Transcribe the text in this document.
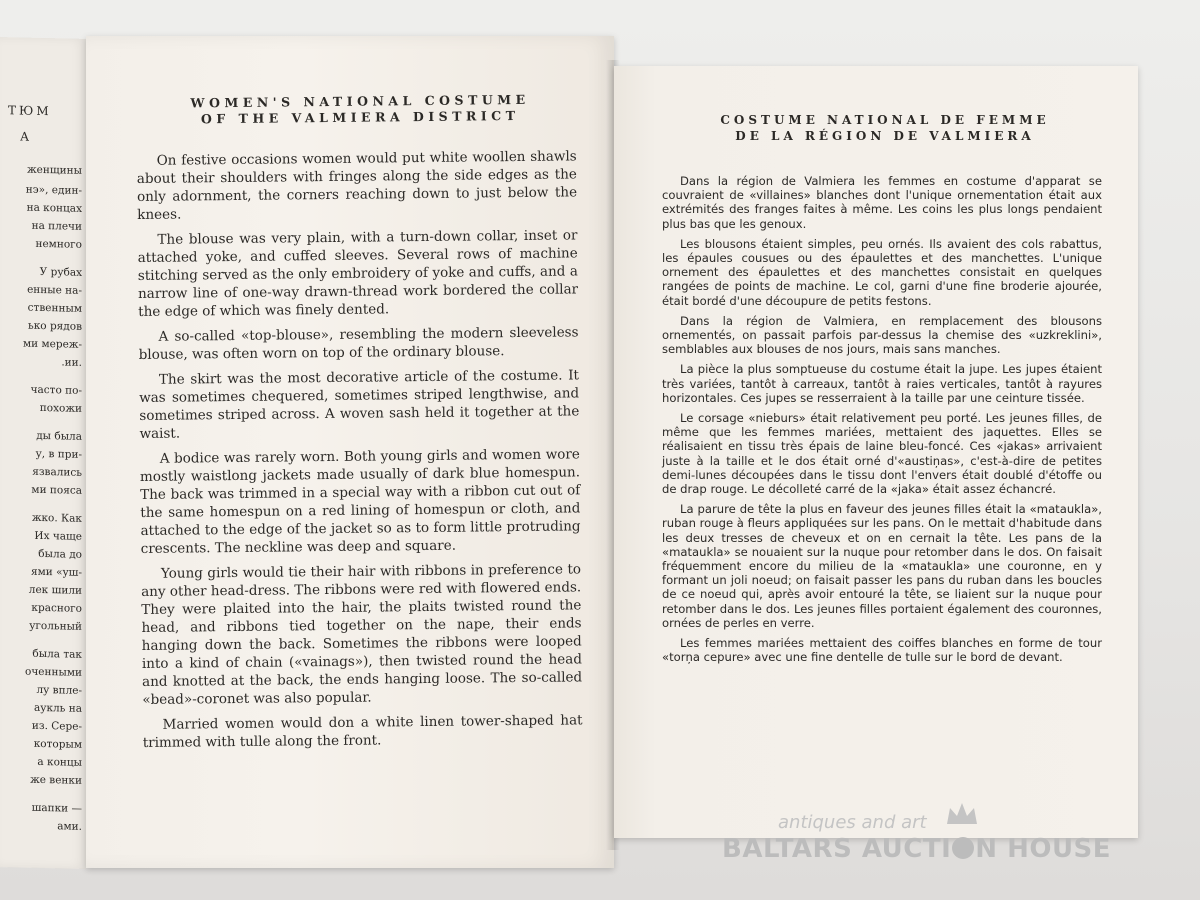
ТЮМ
А
женщины
нэ», един-
на концах
на плечи
немного
У рубах
енные на-
ственным
ько рядов
ми мереж-
.ии.
часто по-
похожи
ды была
у, в при-
язвались
ми пояса
жко. Как
Их чаще
была до
ями «уш-
лек шили
красного
угольный
была так
оченными
лу впле-
аукль на
из. Сере-
которым
а концы
же венки
шапки —
ами.
WOMEN'S NATIONAL COSTUME
OF THE VALMIERA DISTRICT

On festive occasions women would put white woollen shawls about their shoulders with fringes along the side edges as the only adornment, the corners reaching down to just below the knees.

The blouse was very plain, with a turn-down collar, inset or attached yoke, and cuffed sleeves. Several rows of machine stitching served as the only embroidery of yoke and cuffs, and a narrow line of one-way drawn-thread work bordered the collar the edge of which was finely dented.

A so-called «top-blouse», resembling the modern sleeveless blouse, was often worn on top of the ordinary blouse.

The skirt was the most decorative article of the costume. It was sometimes chequered, sometimes striped lengthwise, and sometimes striped across. A woven sash held it together at the waist.

A bodice was rarely worn. Both young girls and women wore mostly waistlong jackets made usually of dark blue homespun. The back was trimmed in a special way with a ribbon cut out of the same homespun on a red lining of homespun or cloth, and attached to the edge of the jacket so as to form little protruding crescents. The neckline was deep and square.

Young girls would tie their hair with ribbons in preference to any other head-dress. The ribbons were red with flowered ends. They were plaited into the hair, the plaits twisted round the head, and ribbons tied together on the nape, their ends hanging down the back. Sometimes the ribbons were looped into a kind of chain («vainags»), then twisted round the head and knotted at the back, the ends hanging loose. The so-called «bead»-coronet was also popular.

Married women would don a white linen tower-shaped hat trimmed with tulle along the front.

COSTUME NATIONAL DE FEMME
DE LA RÉGION DE VALMIERA

Dans la région de Valmiera les femmes en costume d'apparat se couvraient de «villaines» blanches dont l'unique ornementation était aux extrémités des franges faites à même. Les coins les plus longs pendaient plus bas que les genoux.

Les blousons étaient simples, peu ornés. Ils avaient des cols rabattus, les épaules cousues ou des épaulettes et des manchettes. L'unique ornement des épaulettes et des manchettes consistait en quelques rangées de points de machine. Le col, garni d'une fine broderie ajourée, était bordé d'une découpure de petits festons.

Dans la région de Valmiera, en remplacement des blousons ornementés, on passait parfois par-dessus la chemise des «uzkreklini», semblables aux blouses de nos jours, mais sans manches.

La pièce la plus somptueuse du costume était la jupe. Les jupes étaient très variées, tantôt à carreaux, tantôt à raies verticales, tantôt à rayures horizontales. Ces jupes se resserraient à la taille par une ceinture tissée.

Le corsage «nieburs» était relativement peu porté. Les jeunes filles, de même que les femmes mariées, mettaient des jaquettes. Elles se réalisaient en tissu très épais de laine bleu-foncé. Ces «jakas» arrivaient juste à la taille et le dos était orné d'«austiņas», c'est-à-dire de petites demi-lunes découpées dans le tissu dont l'envers était doublé d'étoffe ou de drap rouge. Le décolleté carré de la «jaka» était assez échancré.

La parure de tête la plus en faveur des jeunes filles était la «matauklа», ruban rouge à fleurs appliquées sur les pans. On le mettait d'habitude dans les deux tresses de cheveux et on en cernait la tête. Les pans de la «matauklа» se nouaient sur la nuque pour retomber dans le dos. On faisait fréquemment encore du milieu de la «matauklа» une couronne, en y formant un joli noeud; on faisait passer les pans du ruban dans les boucles de ce noeud qui, après avoir entouré la tête, se liaient sur la nuque pour retomber dans le dos. Les jeunes filles portaient également des couronnes, ornées de perles en verre.

Les femmes mariées mettaient des coiffes blanches en forme de tour «torņa cepure» avec une fine dentelle de tulle sur le bord de devant.

antiques and art
BALTARS AUCTI N HOUSE
